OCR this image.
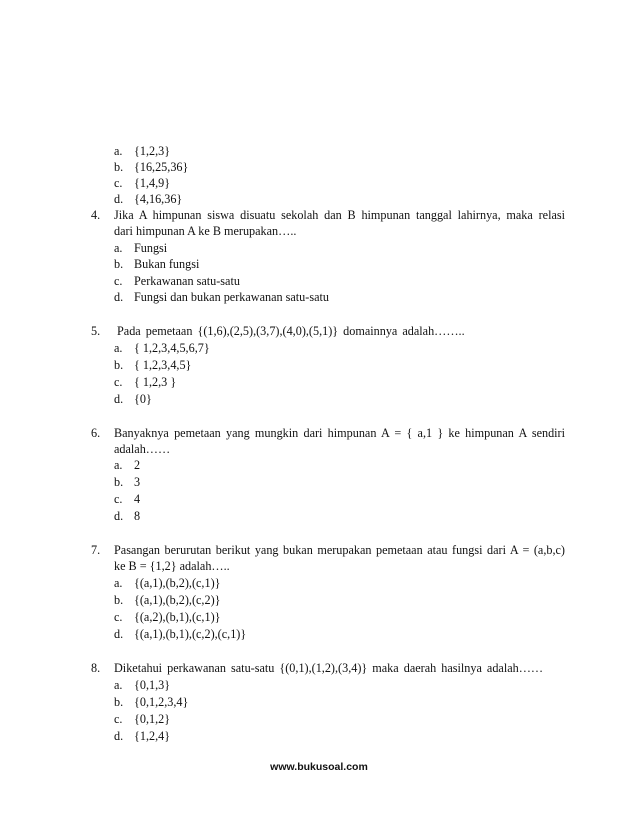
a. {1,2,3}
b. {16,25,36}
c. {1,4,9}
d. {4,16,36}
4. Jika A himpunan siswa disuatu sekolah dan B himpunan tanggal lahirnya, maka relasi
dari himpunan A ke B merupakan…..
a. Fungsi
b. Bukan fungsi
c. Perkawanan satu-satu
d. Fungsi dan bukan perkawanan satu-satu
5. Pada pemetaan {(1,6),(2,5),(3,7),(4,0),(5,1)} domainnya adalah……..
a. { 1,2,3,4,5,6,7}
b. { 1,2,3,4,5}
c. { 1,2,3 }
d. {0}
6. Banyaknya pemetaan yang mungkin dari himpunan A = { a,1 } ke himpunan A sendiri
adalah……
a. 2
b. 3
c. 4
d. 8
7. Pasangan berurutan berikut yang bukan merupakan pemetaan atau fungsi dari A = (a,b,c)
ke B = {1,2} adalah…..
a. {(a,1),(b,2),(c,1)}
b. {(a,1),(b,2),(c,2)}
c. {(a,2),(b,1),(c,1)}
d. {(a,1),(b,1),(c,2),(c,1)}
8. Diketahui perkawanan satu-satu {(0,1),(1,2),(3,4)} maka daerah hasilnya adalah……
a. {0,1,3}
b. {0,1,2,3,4}
c. {0,1,2}
d. {1,2,4}
www.bukusoal.com
